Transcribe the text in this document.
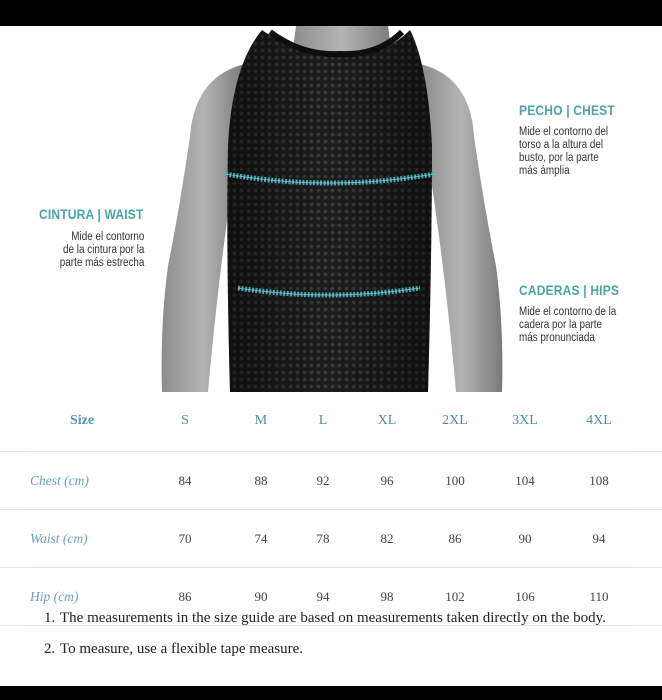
PECHO | CHEST
Mide el contorno del
torso a la altura del
busto, por la parte
más ámplia
CINTURA | WAIST
Mide el contorno
de la cintura por la
parte más estrecha
CADERAS | HIPS
Mide el contorno de la
cadera por la parte
más pronunciada
Size	S	M	L	XL	2XL	3XL	4XL
Chest (cm)	84	88	92	96	100	104	108
Waist (cm)	70	74	78	82	86	90	94
Hip (cm)	86	90	94	98	102	106	110
1. The measurements in the size guide are based on measurements taken directly on the body.
2. To measure, use a flexible tape measure.
